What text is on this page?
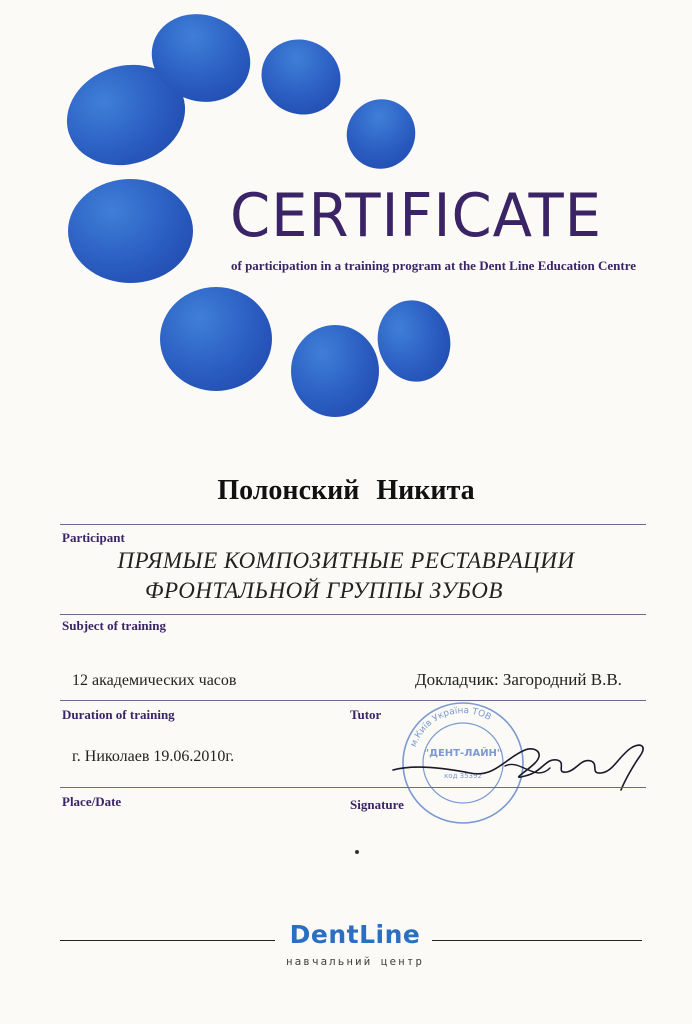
CERTIFICATE
of participation in a training program at the Dent Line Education Centre
Полонский Никита
Participant
ПРЯМЫЕ КОМПОЗИТНЫЕ РЕСТАВРАЦИИ
ФРОНТАЛЬНОЙ ГРУППЫ ЗУБОВ
Subject of training
12 академических часов	Докладчик: Загородний В.В.
Duration of training	Tutor
г. Николаев 19.06.2010г.
м.Київ Україна ТОВ
"ДЕНТ-ЛАЙН"
код 35392
Place/Date	Signature
DentLine
навчальний центр
